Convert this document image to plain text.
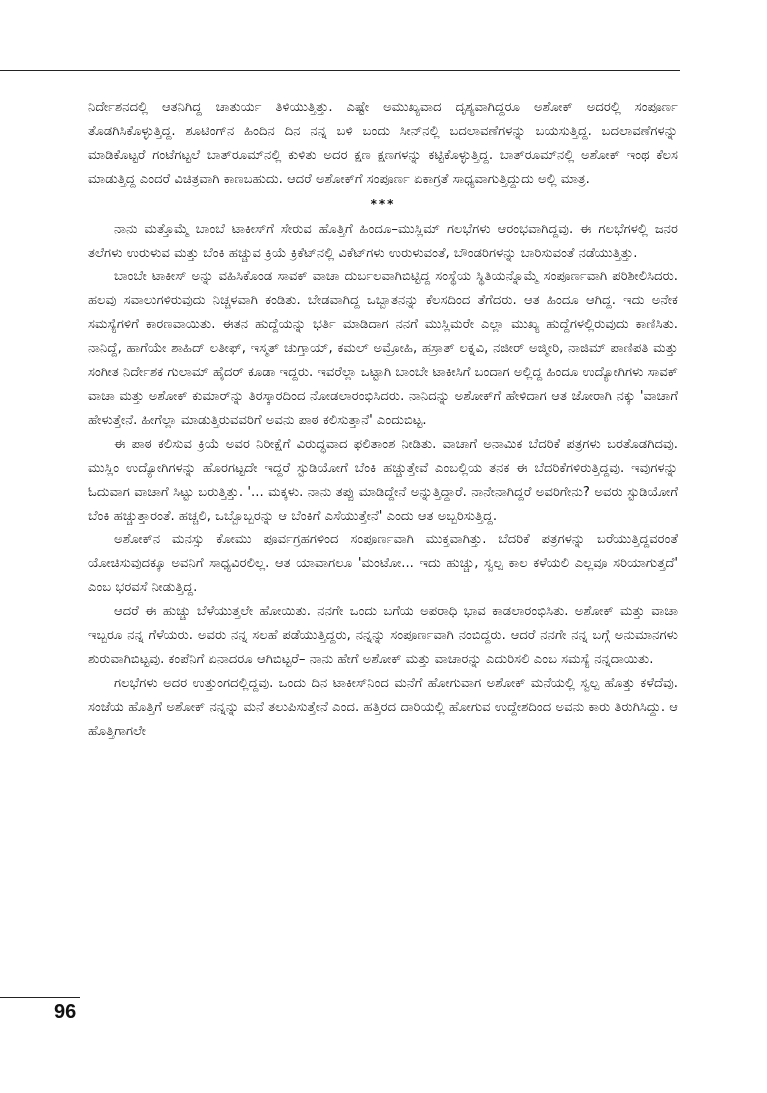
ನಿರ್ದೇಶನದಲ್ಲಿ ಆತನಿಗಿದ್ದ ಚಾತುರ್ಯ ತಿಳಿಯುತ್ತಿತ್ತು. ಎಷ್ಟೇ ಅಮುಖ್ಯವಾದ ದೃಶ್ಯವಾಗಿದ್ದರೂ ಅಶೋಕ್ ಅದರಲ್ಲಿ ಸಂಪೂರ್ಣ ತೊಡಗಿಸಿಕೊಳ್ಳುತ್ತಿದ್ದ. ಶೂಟಿಂಗ್‌ನ ಹಿಂದಿನ ದಿನ ನನ್ನ ಬಳಿ ಬಂದು ಸೀನ್‌ನಲ್ಲಿ ಬದಲಾವಣೆಗಳನ್ನು ಬಯಸುತ್ತಿದ್ದ. ಬದಲಾವಣೆಗಳನ್ನು ಮಾಡಿಕೊಟ್ಟರೆ ಗಂಟೆಗಟ್ಟಲೆ ಬಾತ್‌ರೂಮ್‌ನಲ್ಲಿ ಕುಳಿತು ಅದರ ಕ್ಷಣ ಕ್ಷಣಗಳನ್ನು ಕಟ್ಟಿಕೊಳ್ಳುತ್ತಿದ್ದ. ಬಾತ್‌ರೂಮ್‌ನಲ್ಲಿ ಅಶೋಕ್ ಇಂಥ ಕೆಲಸ ಮಾಡುತ್ತಿದ್ದ ಎಂದರೆ ವಿಚಿತ್ರವಾಗಿ ಕಾಣಬಹುದು. ಆದರೆ ಅಶೋಕ್‌ಗೆ ಸಂಪೂರ್ಣ ಏಕಾಗ್ರತೆ ಸಾಧ್ಯವಾಗುತ್ತಿದ್ದುದು ಅಲ್ಲಿ ಮಾತ್ರ.

***

ನಾನು ಮತ್ತೊಮ್ಮೆ ಬಾಂಬೆ ಟಾಕೀಸ್‌ಗೆ ಸೇರುವ ಹೊತ್ತಿಗೆ ಹಿಂದೂ–ಮುಸ್ಲಿಮ್ ಗಲಭೆಗಳು ಆರಂಭವಾಗಿದ್ದವು. ಈ ಗಲಭೆಗಳಲ್ಲಿ ಜನರ ತಲೆಗಳು ಉರುಳುವ ಮತ್ತು ಬೆಂಕಿ ಹಚ್ಚುವ ಕ್ರಿಯೆ ಕ್ರಿಕೆಟ್‌ನಲ್ಲಿ ವಿಕೆಟ್‌ಗಳು ಉರುಳುವಂತೆ, ಬೌಂಡರಿಗಳನ್ನು ಬಾರಿಸುವಂತೆ ನಡೆಯುತ್ತಿತ್ತು.

ಬಾಂಬೇ ಟಾಕೀಸ್ ಅನ್ನು ವಹಿಸಿಕೊಂಡ ಸಾವಕ್ ವಾಚಾ ದುರ್ಬಲವಾಗಿಬಿಟ್ಟಿದ್ದ ಸಂಸ್ಥೆಯ ಸ್ಥಿತಿಯನ್ನೊಮ್ಮೆ ಸಂಪೂರ್ಣವಾಗಿ ಪರಿಶೀಲಿಸಿದರು. ಹಲವು ಸವಾಲುಗಳಿರುವುದು ನಿಚ್ಚಳವಾಗಿ ಕಂಡಿತು. ಬೇಡವಾಗಿದ್ದ ಒಬ್ಬಾತನನ್ನು ಕೆಲಸದಿಂದ ತೆಗೆದರು. ಆತ ಹಿಂದೂ ಆಗಿದ್ದ. ಇದು ಅನೇಕ ಸಮಸ್ಯೆಗಳಿಗೆ ಕಾರಣವಾಯಿತು. ಈತನ ಹುದ್ದೆಯನ್ನು ಭರ್ತಿ ಮಾಡಿದಾಗ ನನಗೆ ಮುಸ್ಲಿಮರೇ ಎಲ್ಲಾ ಮುಖ್ಯ ಹುದ್ದೆಗಳಲ್ಲಿರುವುದು ಕಾಣಿಸಿತು. ನಾನಿದ್ದೆ, ಹಾಗೆಯೇ ಶಾಹಿದ್ ಲತೀಫ್, ಇಸ್ಮತ್ ಚುಗ್ತಾಯ್, ಕಮಲ್ ಅಮ್ರೋಹಿ, ಹಸ್ರಾತ್ ಲಕ್ನವಿ, ನಜೀರ್ ಅಜ್ಮೀರಿ, ನಾಜಿಮ್ ಪಾಣಿಪತಿ ಮತ್ತು ಸಂಗೀತ ನಿರ್ದೇಶಕ ಗುಲಾಮ್ ಹೈದರ್ ಕೂಡಾ ಇದ್ದರು. ಇವರೆಲ್ಲಾ ಒಟ್ಟಾಗಿ ಬಾಂಬೇ ಟಾಕೀಸಿಗೆ ಬಂದಾಗ ಅಲ್ಲಿದ್ದ ಹಿಂದೂ ಉದ್ಯೋಗಿಗಳು ಸಾವಕ್ ವಾಚಾ ಮತ್ತು ಅಶೋಕ್ ಕುಮಾರ್‌ನ್ನು ತಿರಸ್ಕಾರದಿಂದ ನೋಡಲಾರಂಭಿಸಿದರು. ನಾನಿದನ್ನು ಅಶೋಕ್‌ಗೆ ಹೇಳಿದಾಗ ಆತ ಜೋರಾಗಿ ನಕ್ಕು 'ವಾಚಾಗೆ ಹೇಳುತ್ತೇನೆ. ಹೀಗೆಲ್ಲಾ ಮಾಡುತ್ತಿರುವವರಿಗೆ ಅವನು ಪಾಠ ಕಲಿಸುತ್ತಾನೆ' ಎಂದುಬಿಟ್ಟ.

ಈ ಪಾಠ ಕಲಿಸುವ ಕ್ರಿಯೆ ಅವರ ನಿರೀಕ್ಷೆಗೆ ವಿರುದ್ಧವಾದ ಫಲಿತಾಂಶ ನೀಡಿತು. ವಾಚಾಗೆ ಅನಾಮಿಕ ಬೆದರಿಕೆ ಪತ್ರಗಳು ಬರತೊಡಗಿದವು. ಮುಸ್ಲಿಂ ಉದ್ಯೋಗಿಗಳನ್ನು ಹೊರಗಟ್ಟದೇ ಇದ್ದರೆ ಸ್ಟುಡಿಯೋಗೆ ಬೆಂಕಿ ಹಚ್ಚುತ್ತೇವೆ ಎಂಬಲ್ಲಿಯ ತನಕ ಈ ಬೆದರಿಕೆಗಳಿರುತ್ತಿದ್ದವು. ಇವುಗಳನ್ನು ಓದುವಾಗ ವಾಚಾಗೆ ಸಿಟ್ಟು ಬರುತ್ತಿತ್ತು. '... ಮಕ್ಕಳು. ನಾನು ತಪ್ಪು ಮಾಡಿದ್ದೇನೆ ಅನ್ನುತ್ತಿದ್ದಾರೆ. ನಾನೇನಾಗಿದ್ದರೆ ಅವರಿಗೇನು? ಅವರು ಸ್ಟುಡಿಯೋಗೆ ಬೆಂಕಿ ಹಚ್ಚುತ್ತಾರಂತೆ. ಹಚ್ಚಲಿ, ಒಬ್ಬೊಬ್ಬರನ್ನು ಆ ಬೆಂಕಿಗೆ ಎಸೆಯುತ್ತೇನೆ' ಎಂದು ಆತ ಅಬ್ಬರಿಸುತ್ತಿದ್ದ.

ಅಶೋಕ್‌ನ ಮನಸ್ಸು ಕೋಮು ಪೂರ್ವಗ್ರಹಗಳಿಂದ ಸಂಪೂರ್ಣವಾಗಿ ಮುಕ್ತವಾಗಿತ್ತು. ಬೆದರಿಕೆ ಪತ್ರಗಳನ್ನು ಬರೆಯುತ್ತಿದ್ದವರಂತೆ ಯೋಚಿಸುವುದಕ್ಕೂ ಅವನಿಗೆ ಸಾಧ್ಯವಿರಲಿಲ್ಲ. ಆತ ಯಾವಾಗಲೂ 'ಮಂಟೋ... ಇದು ಹುಚ್ಚು, ಸ್ವಲ್ಪ ಕಾಲ ಕಳೆಯಲಿ ಎಲ್ಲವೂ ಸರಿಯಾಗುತ್ತದೆ' ಎಂಬ ಭರವಸೆ ನೀಡುತ್ತಿದ್ದ.

ಆದರೆ ಈ ಹುಚ್ಚು ಬೆಳೆಯುತ್ತಲೇ ಹೋಯಿತು. ನನಗೇ ಒಂದು ಬಗೆಯ ಅಪರಾಧಿ ಭಾವ ಕಾಡಲಾರಂಭಿಸಿತು. ಅಶೋಕ್ ಮತ್ತು ವಾಚಾ ಇಬ್ಬರೂ ನನ್ನ ಗೆಳೆಯರು. ಅವರು ನನ್ನ ಸಲಹೆ ಪಡೆಯುತ್ತಿದ್ದರು, ನನ್ನನ್ನು ಸಂಪೂರ್ಣವಾಗಿ ನಂಬಿದ್ದರು. ಆದರೆ ನನಗೇ ನನ್ನ ಬಗ್ಗೆ ಅನುಮಾನಗಳು ಶುರುವಾಗಿಬಿಟ್ಟವು. ಕಂಪೆನಿಗೆ ಏನಾದರೂ ಆಗಿಬಿಟ್ಟರೆ– ನಾನು ಹೇಗೆ ಅಶೋಕ್ ಮತ್ತು ವಾಚಾರನ್ನು ಎದುರಿಸಲಿ ಎಂಬ ಸಮಸ್ಯೆ ನನ್ನದಾಯಿತು.

ಗಲಭೆಗಳು ಅದರ ಉತ್ತುಂಗದಲ್ಲಿದ್ದವು. ಒಂದು ದಿನ ಟಾಕೀಸ್‌ನಿಂದ ಮನೆಗೆ ಹೋಗುವಾಗ ಅಶೋಕ್ ಮನೆಯಲ್ಲಿ ಸ್ವಲ್ಪ ಹೊತ್ತು ಕಳೆದೆವು. ಸಂಜೆಯ ಹೊತ್ತಿಗೆ ಅಶೋಕ್ ನನ್ನನ್ನು ಮನೆ ತಲುಪಿಸುತ್ತೇನೆ ಎಂದ. ಹತ್ತಿರದ ದಾರಿಯಲ್ಲಿ ಹೋಗುವ ಉದ್ದೇಶದಿಂದ ಅವನು ಕಾರು ತಿರುಗಿಸಿದ್ದು. ಆ ಹೊತ್ತಿಗಾಗಲೇ

96
